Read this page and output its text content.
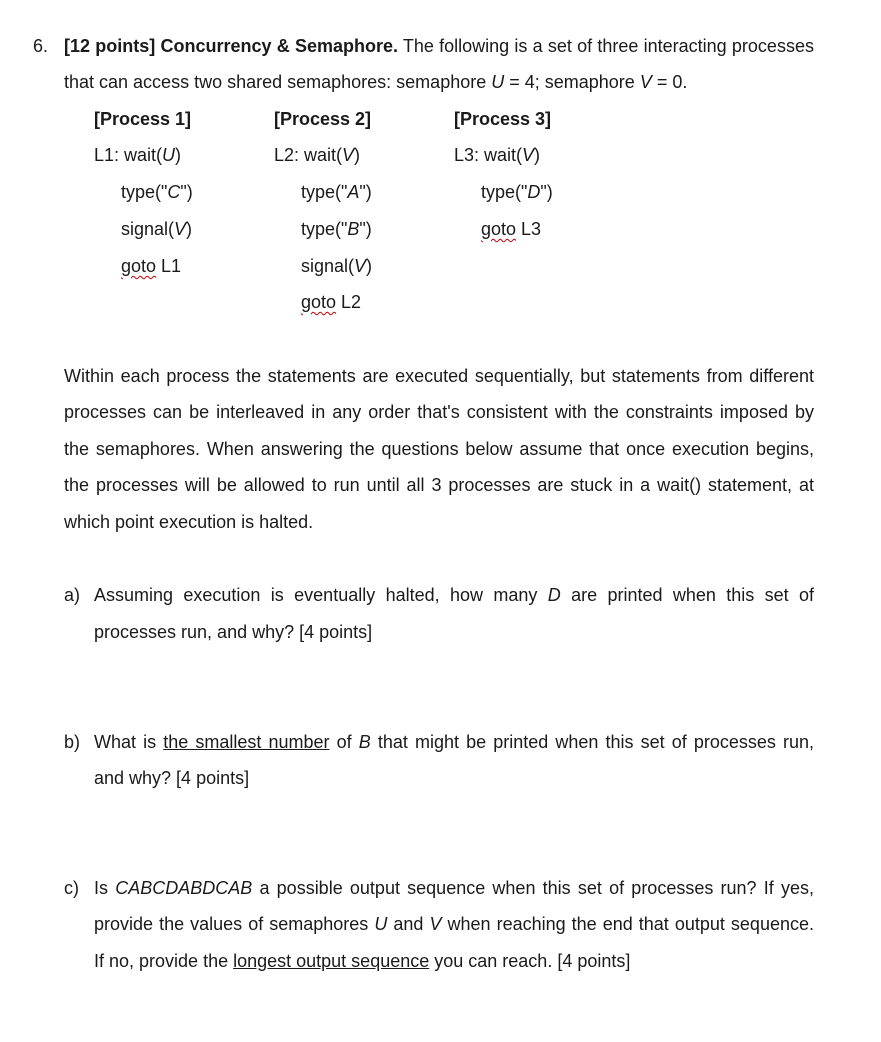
6. [12 points] Concurrency & Semaphore. The following is a set of three interacting processes
that can access two shared semaphores: semaphore U = 4; semaphore V = 0.
[Process 1]
L1: wait(U)
type("C")
signal(V)
goto L1
[Process 2]
L2: wait(V)
type("A")
type("B")
signal(V)
goto L2
[Process 3]
L3: wait(V)
type("D")
goto L3
Within each process the statements are executed sequentially, but statements from different
processes can be interleaved in any order that's consistent with the constraints imposed by
the semaphores. When answering the questions below assume that once execution begins,
the processes will be allowed to run until all 3 processes are stuck in a wait() statement, at
which point execution is halted.
a) Assuming execution is eventually halted, how many D are printed when this set of
processes run, and why? [4 points]
b) What is the smallest number of B that might be printed when this set of processes run,
and why? [4 points]
c) Is CABCDABDCAB a possible output sequence when this set of processes run? If yes,
provide the values of semaphores U and V when reaching the end that output sequence.
If no, provide the longest output sequence you can reach. [4 points]
